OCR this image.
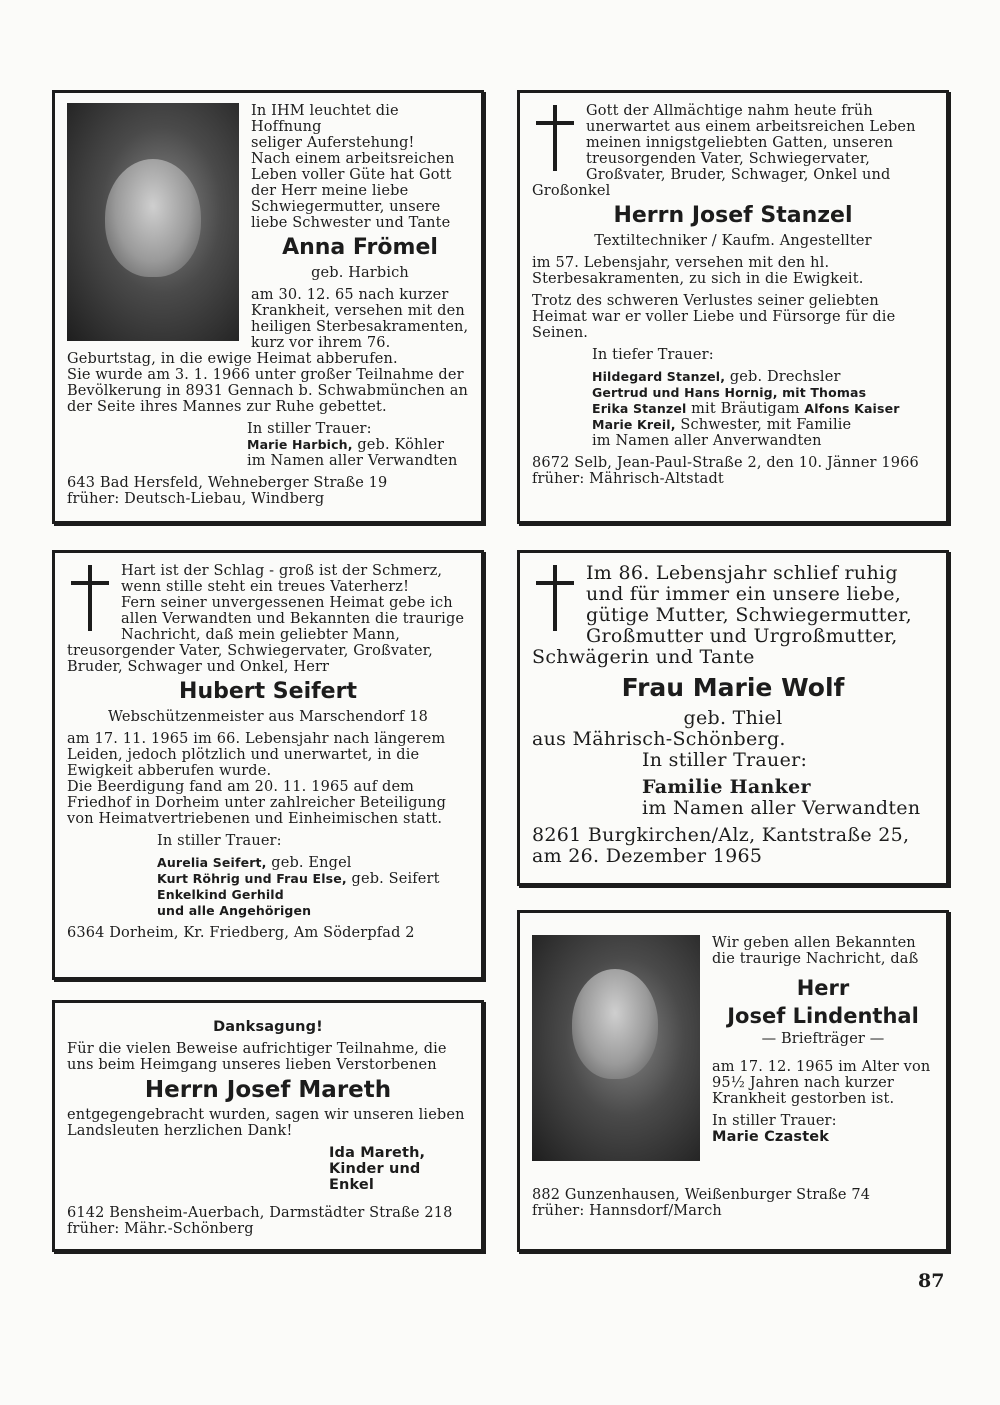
In IHM leuchtet die Hoffnung

seliger Auferstehung!

Nach einem arbeitsreichen Leben voller Güte hat Gott der Herr meine liebe Schwiegermutter, unsere liebe Schwester und Tante

Anna Frömel

geb. Harbich

am 30. 12. 65 nach kurzer Krankheit, versehen mit den heiligen Sterbesakramenten, kurz vor ihrem 76. Geburtstag, in die ewige Heimat abberufen.

Sie wurde am 3. 1. 1966 unter großer Teilnahme der Bevölkerung in 8931 Gennach b. Schwabmünchen an der Seite ihres Mannes zur Ruhe gebettet.

In stiller Trauer:

Marie Harbich, geb. Köhler

im Namen aller Verwandten

643 Bad Hersfeld, Wehneberger Straße 19

früher: Deutsch-Liebau, Windberg

Gott der Allmächtige nahm heute früh unerwartet aus einem arbeitsreichen Leben meinen innigstgeliebten Gatten, unseren treusorgenden Vater, Schwiegervater, Großvater, Bruder, Schwager, Onkel und Großonkel

Herrn Josef Stanzel

Textiltechniker / Kaufm. Angestellter

im 57. Lebensjahr, versehen mit den hl. Sterbesakramenten, zu sich in die Ewigkeit.

Trotz des schweren Verlustes seiner geliebten Heimat war er voller Liebe und Fürsorge für die Seinen.

In tiefer Trauer:

Hildegard Stanzel, geb. Drechsler

Gertrud und Hans Hornig, mit Thomas

Erika Stanzel mit Bräutigam Alfons Kaiser

Marie Kreil, Schwester, mit Familie

im Namen aller Anverwandten

8672 Selb, Jean-Paul-Straße 2, den 10. Jänner 1966

früher: Mährisch-Altstadt

Hart ist der Schlag - groß ist der Schmerz, wenn stille steht ein treues Vaterherz!

Fern seiner unvergessenen Heimat gebe ich allen Verwandten und Bekannten die traurige Nachricht, daß mein geliebter Mann, treusorgender Vater, Schwiegervater, Großvater, Bruder, Schwager und Onkel, Herr

Hubert Seifert

Webschützenmeister aus Marschendorf 18

am 17. 11. 1965 im 66. Lebensjahr nach längerem Leiden, jedoch plötzlich und unerwartet, in die Ewigkeit abberufen wurde.

Die Beerdigung fand am 20. 11. 1965 auf dem Friedhof in Dorheim unter zahlreicher Beteiligung von Heimatvertriebenen und Einheimischen statt.

In stiller Trauer:

Aurelia Seifert, geb. Engel

Kurt Röhrig und Frau Else, geb. Seifert

Enkelkind Gerhild

und alle Angehörigen

6364 Dorheim, Kr. Friedberg, Am Söderpfad 2

Im 86. Lebensjahr schlief ruhig

und für immer ein unsere liebe,

gütige Mutter, Schwiegermutter,

Großmutter und Urgroßmutter, Schwägerin und Tante

Frau Marie Wolf

geb. Thiel

aus Mährisch-Schönberg.

In stiller Trauer:

Familie Hanker

im Namen aller Verwandten

8261 Burgkirchen/Alz, Kantstraße 25,

am 26. Dezember 1965

Danksagung!

Für die vielen Beweise aufrichtiger Teilnahme, die uns beim Heimgang unseres lieben Verstorbenen

Herrn Josef Mareth

entgegengebracht wurden, sagen wir unseren lieben Landsleuten herzlichen Dank!

Ida Mareth,

Kinder und Enkel

6142 Bensheim-Auerbach, Darmstädter Straße 218

früher: Mähr.-Schönberg

Wir geben allen Bekannten die traurige Nachricht, daß

Herr
Josef Lindenthal

— Briefträger —

am 17. 12. 1965 im Alter von 95½ Jahren nach kurzer Krankheit gestorben ist.

In stiller Trauer:

Marie Czastek

882 Gunzenhausen, Weißenburger Straße 74

früher: Hannsdorf/March

87
